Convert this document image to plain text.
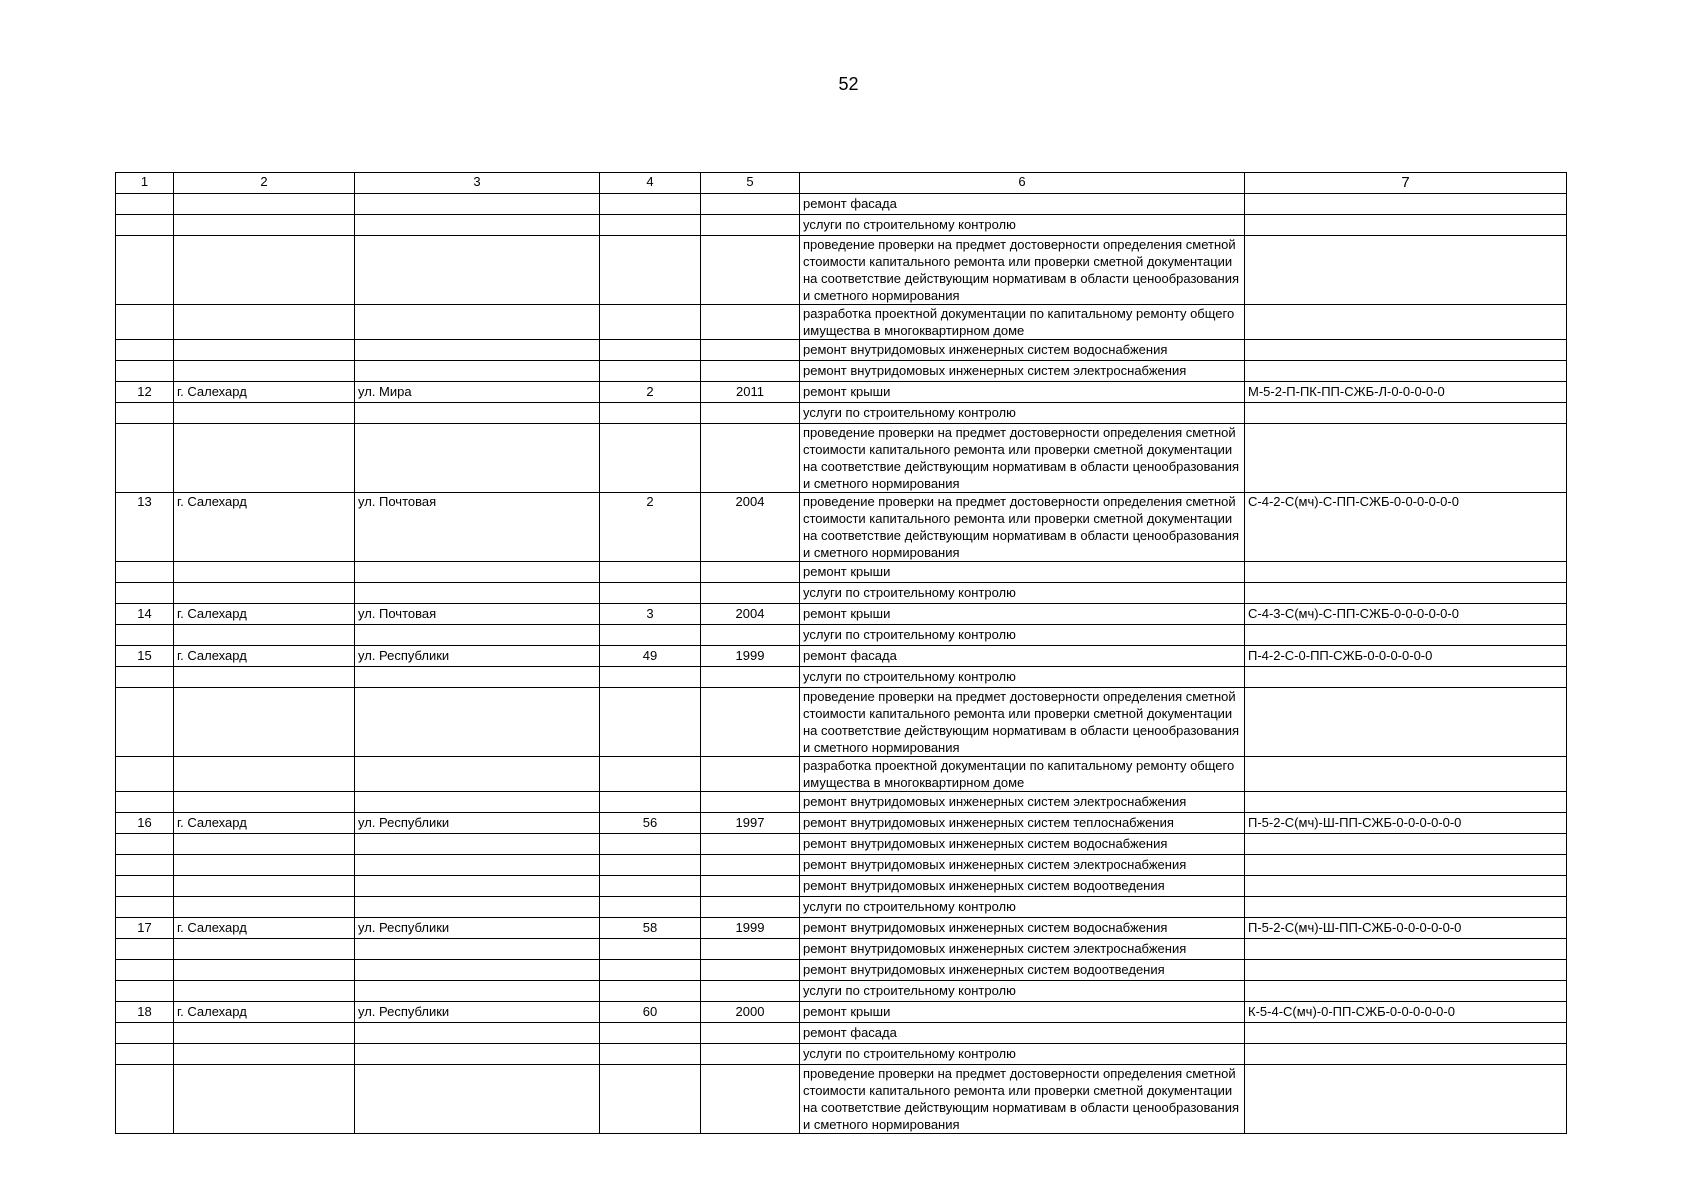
52
1	2	3	4	5	6	7
					ремонт фасада	
					услуги по строительному контролю	
					проведение проверки на предмет достоверности определения сметной стоимости капитального ремонта или проверки сметной документации на соответствие действующим нормативам в области ценообразования и сметного нормирования	
					разработка проектной документации по капитальному ремонту общего имущества в многоквартирном доме	
					ремонт внутридомовых инженерных систем водоснабжения	
					ремонт внутридомовых инженерных систем электроснабжения	
12	г. Салехард	ул. Мира	2	2011	ремонт крыши	М-5-2-П-ПК-ПП-СЖБ-Л-0-0-0-0-0
					услуги по строительному контролю	
					проведение проверки на предмет достоверности определения сметной стоимости капитального ремонта или проверки сметной документации на соответствие действующим нормативам в области ценообразования и сметного нормирования	
13	г. Салехард	ул. Почтовая	2	2004	проведение проверки на предмет достоверности определения сметной стоимости капитального ремонта или проверки сметной документации на соответствие действующим нормативам в области ценообразования и сметного нормирования	С-4-2-С(мч)-С-ПП-СЖБ-0-0-0-0-0-0
					ремонт крыши	
					услуги по строительному контролю	
14	г. Салехард	ул. Почтовая	3	2004	ремонт крыши	С-4-3-С(мч)-С-ПП-СЖБ-0-0-0-0-0-0
					услуги по строительному контролю	
15	г. Салехард	ул. Республики	49	1999	ремонт фасада	П-4-2-С-0-ПП-СЖБ-0-0-0-0-0-0
					услуги по строительному контролю	
					проведение проверки на предмет достоверности определения сметной стоимости капитального ремонта или проверки сметной документации на соответствие действующим нормативам в области ценообразования и сметного нормирования	
					разработка проектной документации по капитальному ремонту общего имущества в многоквартирном доме	
					ремонт внутридомовых инженерных систем электроснабжения	
16	г. Салехард	ул. Республики	56	1997	ремонт внутридомовых инженерных систем теплоснабжения	П-5-2-С(мч)-Ш-ПП-СЖБ-0-0-0-0-0-0
					ремонт внутридомовых инженерных систем водоснабжения	
					ремонт внутридомовых инженерных систем электроснабжения	
					ремонт внутридомовых инженерных систем водоотведения	
					услуги по строительному контролю	
17	г. Салехард	ул. Республики	58	1999	ремонт внутридомовых инженерных систем водоснабжения	П-5-2-С(мч)-Ш-ПП-СЖБ-0-0-0-0-0-0
					ремонт внутридомовых инженерных систем электроснабжения	
					ремонт внутридомовых инженерных систем водоотведения	
					услуги по строительному контролю	
18	г. Салехард	ул. Республики	60	2000	ремонт крыши	К-5-4-С(мч)-0-ПП-СЖБ-0-0-0-0-0-0
					ремонт фасада	
					услуги по строительному контролю	
					проведение проверки на предмет достоверности определения сметной стоимости капитального ремонта или проверки сметной документации на соответствие действующим нормативам в области ценообразования и сметного нормирования	
